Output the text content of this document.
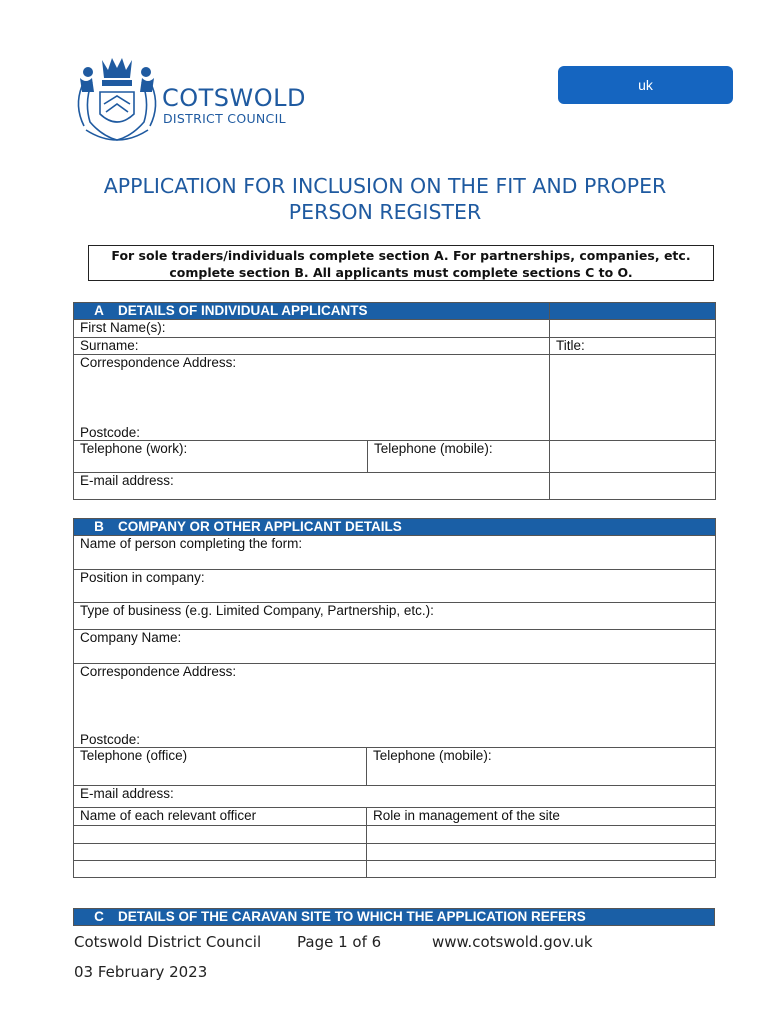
COTSWOLD
DISTRICT COUNCIL
uk
APPLICATION FOR INCLUSION ON THE FIT AND PROPER
PERSON REGISTER
For sole traders/individuals complete section A. For partnerships, companies, etc.
complete section B. All applicants must complete sections C to O.
A DETAILS OF INDIVIDUAL APPLICANTS		
First Name(s):		
Surname:		Title:

Correspondence Address:
Postcode:		

Telephone (work):	Telephone (mobile):	
E-mail address:		
B COMPANY OR OTHER APPLICANT DETAILS	
Name of person completing the form:	
Position in company:	
Type of business (e.g. Limited Company, Partnership, etc.):	
Company Name:	

Correspondence Address:
Postcode:	

Telephone (office)	Telephone (mobile):
E-mail address:	
Name of each relevant officer	Role in management of the site

C DETAILS OF THE CARAVAN SITE TO WHICH THE APPLICATION REFERS
Cotswold District Council Page 1 of 6	www.cotswold.gov.uk
03 February 2023
